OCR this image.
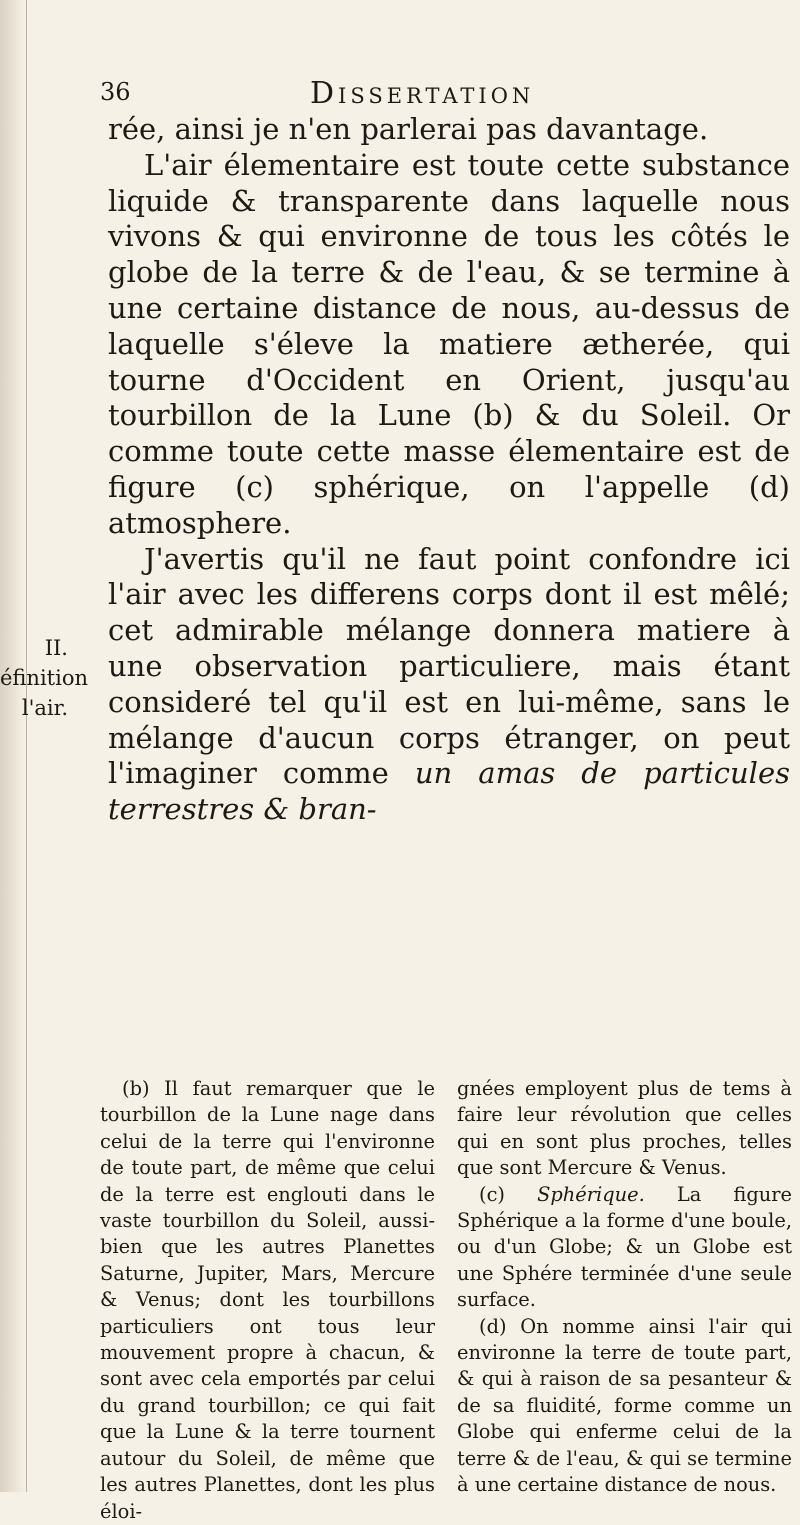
II.
éfinition
l'air.
36	Dissertation

rée, ainsi je n'en parlerai pas davantage.

L'air élementaire est toute cette substance liquide & transparente dans laquelle nous vivons & qui environne de tous les côtés le globe de la terre & de l'eau, & se termine à une certaine distance de nous, au-dessus de laquelle s'éleve la matiere ætherée, qui tourne d'Occident en Orient, jusqu'au tourbillon de la Lune (b) & du Soleil. Or comme toute cette masse élementaire est de figure (c) sphérique, on l'appelle (d) atmosphere.

J'avertis qu'il ne faut point confondre ici l'air avec les differens corps dont il est mêlé; cet admirable mélange donnera matiere à une observation particuliere, mais étant consideré tel qu'il est en lui-même, sans le mélange d'aucun corps étranger, on peut l'imaginer comme un amas de particules terrestres & bran-

(b) Il faut remarquer que le tourbillon de la Lune nage dans celui de la terre qui l'environne de toute part, de même que celui de la terre est englouti dans le vaste tourbillon du Soleil, aussi-bien que les autres Planettes Saturne, Jupiter, Mars, Mercure & Venus; dont les tourbillons particuliers ont tous leur mouvement propre à chacun, & sont avec cela emportés par celui du grand tourbillon; ce qui fait que la Lune & la terre tournent autour du Soleil, de même que les autres Planettes, dont les plus éloi-

gnées employent plus de tems à faire leur révolution que celles qui en sont plus proches, telles que sont Mercure & Venus.

(c) Sphérique. La figure Sphérique a la forme d'une boule, ou d'un Globe; & un Globe est une Sphére terminée d'une seule surface.

(d) On nomme ainsi l'air qui environne la terre de toute part, & qui à raison de sa pesanteur & de sa fluidité, forme comme un Globe qui enferme celui de la terre & de l'eau, & qui se termine à une certaine distance de nous.
